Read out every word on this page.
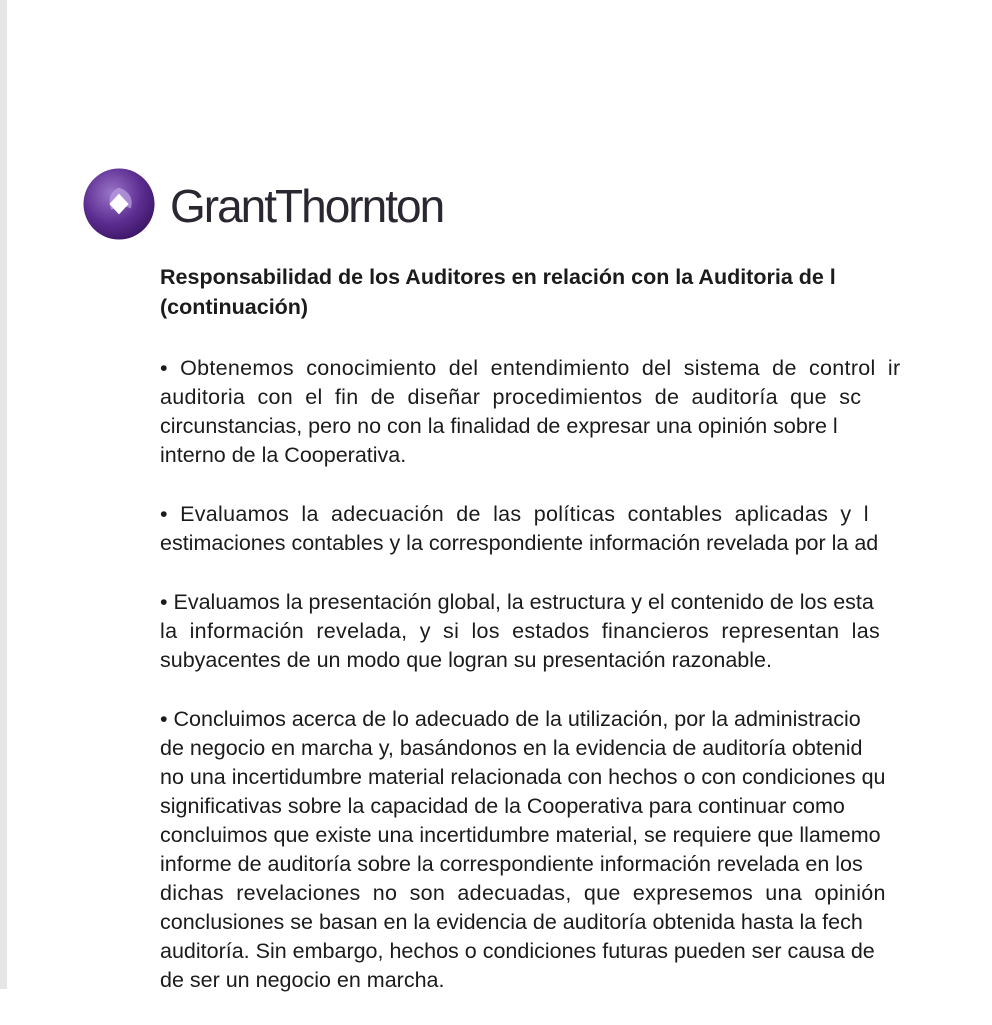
GrantThornton
Responsabilidad de los Auditores en relación con la Auditoria de l
(continuación)
• Obtenemos conocimiento del entendimiento del sistema de control ir
auditoria con el fin de diseñar procedimientos de auditoría que sc
circunstancias, pero no con la finalidad de expresar una opinión sobre l
interno de la Cooperativa.
• Evaluamos la adecuación de las políticas contables aplicadas y l
estimaciones contables y la correspondiente información revelada por la ad
• Evaluamos la presentación global, la estructura y el contenido de los esta
la información revelada, y si los estados financieros representan las
subyacentes de un modo que logran su presentación razonable.
• Concluimos acerca de lo adecuado de la utilización, por la administracio
de negocio en marcha y, basándonos en la evidencia de auditoría obtenid
no una incertidumbre material relacionada con hechos o con condiciones qu
significativas sobre la capacidad de la Cooperativa para continuar como
concluimos que existe una incertidumbre material, se requiere que llamemo
informe de auditoría sobre la correspondiente información revelada en los
dichas revelaciones no son adecuadas, que expresemos una opinión
conclusiones se basan en la evidencia de auditoría obtenida hasta la fech
auditoría. Sin embargo, hechos o condiciones futuras pueden ser causa de
de ser un negocio en marcha.
